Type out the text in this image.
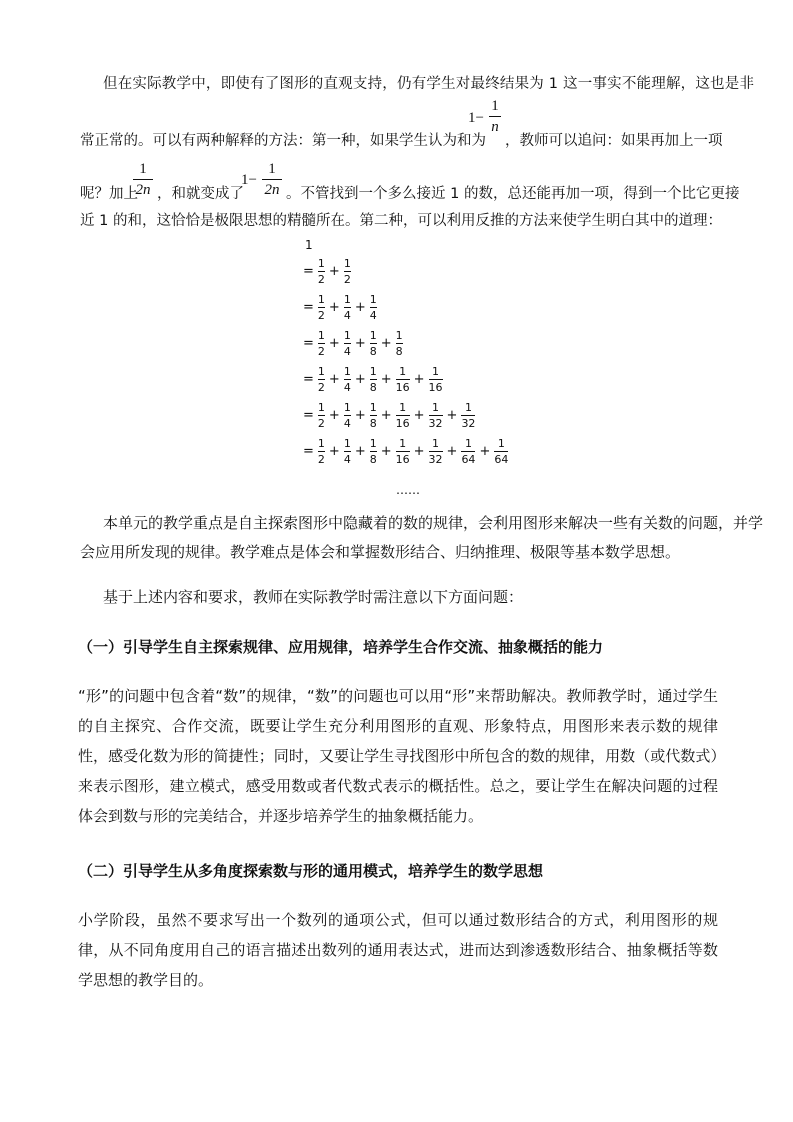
但在实际教学中，即使有了图形的直观支持，仍有学生对最终结果为 1 这一事实不能理解，这也是非
1−
1
n
常正常的。可以有两种解释的方法：第一种，如果学生认为和为 ，教师可以追问：如果再加上一项
呢？加上
1
2n ，和就变成了
1−
1
2n 。不管找到一个多么接近 1 的数，总还能再加一项，得到一个比它更接
近 1 的和，这恰恰是极限思想的精髓所在。第二种，可以利用反推的方法来使学生明白其中的道理：
1
= $\frac{1}{2} + \frac{1}{2}$
= $\frac{1}{2} + \frac{1}{4} + \frac{1}{4}$
= $\frac{1}{2} + \frac{1}{4} + \frac{1}{8} + \frac{1}{8}$
= $\frac{1}{2} + \frac{1}{4} + \frac{1}{8} + \frac{1}{16} + \frac{1}{16}$
= $\frac{1}{2} + \frac{1}{4} + \frac{1}{8} + \frac{1}{16} + \frac{1}{32} + \frac{1}{32}$
= $\frac{1}{2} + \frac{1}{4} + \frac{1}{8} + \frac{1}{16} + \frac{1}{32} + \frac{1}{64} + \frac{1}{64}$
……
本单元的教学重点是自主探索图形中隐藏着的数的规律，会利用图形来解决一些有关数的问题，并学
会应用所发现的规律。教学难点是体会和掌握数形结合、归纳推理、极限等基本数学思想。
基于上述内容和要求，教师在实际教学时需注意以下方面问题：
（一）引导学生自主探索规律、应用规律，培养学生合作交流、抽象概括的能力
“形”的问题中包含着“数”的规律，“数”的问题也可以用“形”来帮助解决。教师教学时，通过学生的自主探究、合作交流，既要让学生充分利用图形的直观、形象特点，用图形来表示数的规律性，感受化数为形的简捷性；同时，又要让学生寻找图形中所包含的数的规律，用数（或代数式）来表示图形，建立模式，感受用数或者代数式表示的概括性。总之，要让学生在解决问题的过程体会到数与形的完美结合，并逐步培养学生的抽象概括能力。
（二）引导学生从多角度探索数与形的通用模式，培养学生的数学思想
小学阶段，虽然不要求写出一个数列的通项公式，但可以通过数形结合的方式，利用图形的规律，从不同角度用自己的语言描述出数列的通用表达式，进而达到渗透数形结合、抽象概括等数学思想的教学目的。
